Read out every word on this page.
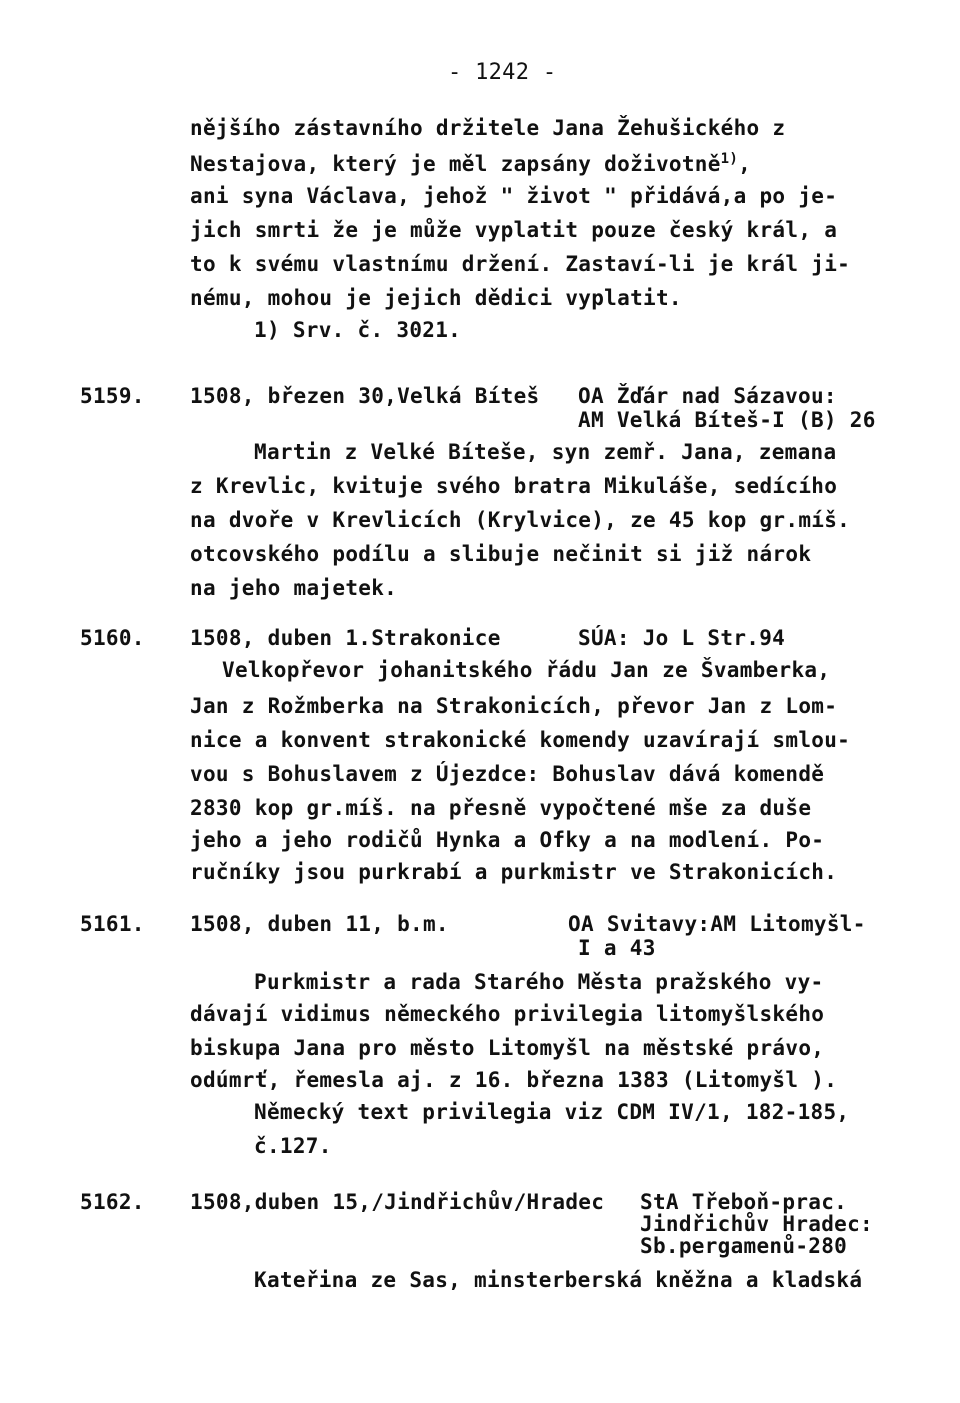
- 1242 -
nějšího zástavního držitele Jana Žehušického z
Nestajova, který je měl zapsány doživotně$^{1)}$,
ani syna Václava, jehož " život " přidává,a po je-
jich smrti že je může vyplatit pouze český král, a
to k svému vlastnímu držení. Zastaví-li je král ji-
nému, mohou je jejich dědici vyplatit.
1) Srv. č. 3021.
5159. 1508, březen 30,Velká Bíteš OA Žďár nad Sázavou:
AM Velká Bíteš-I (B) 26
Martin z Velké Bíteše, syn zemř. Jana, zemana
z Krevlic, kvituje svého bratra Mikuláše, sedícího
na dvoře v Krevlicích (Krylvice), ze 45 kop gr.míš.
otcovského podílu a slibuje nečinit si již nárok
na jeho majetek.
5160. 1508, duben 1.Strakonice	SÚA: Jo L Str.94
Velkopřevor johanitského řádu Jan ze Švamberka,
Jan z Rožmberka na Strakonicích, převor Jan z Lom-
nice a konvent strakonické komendy uzavírají smlou-
vou s Bohuslavem z Újezdce: Bohuslav dává komendě
2830 kop gr.míš. na přesně vypočtené mše za duše
jeho a jeho rodičů Hynka a Ofky a na modlení. Po-
ručníky jsou purkrabí a purkmistr ve Strakonicích.
5161. 1508, duben 11, b.m.	OA Svitavy:AM Litomyšl-
I a 43
Purkmistr a rada Starého Města pražského vy-
dávají vidimus německého privilegia litomyšlského
biskupa Jana pro město Litomyšl na městské právo,
odúmrť, řemesla aj. z 16. března 1383 (Litomyšl ).
Německý text privilegia viz CDM IV/1, 182-185,
č.127.
5162. 1508,duben 15,/Jindřichův/Hradec StA Třeboň-prac.
Jindřichův Hradec:
Sb.pergamenů-280
Kateřina ze Sas, minsterberská kněžna a kladská
